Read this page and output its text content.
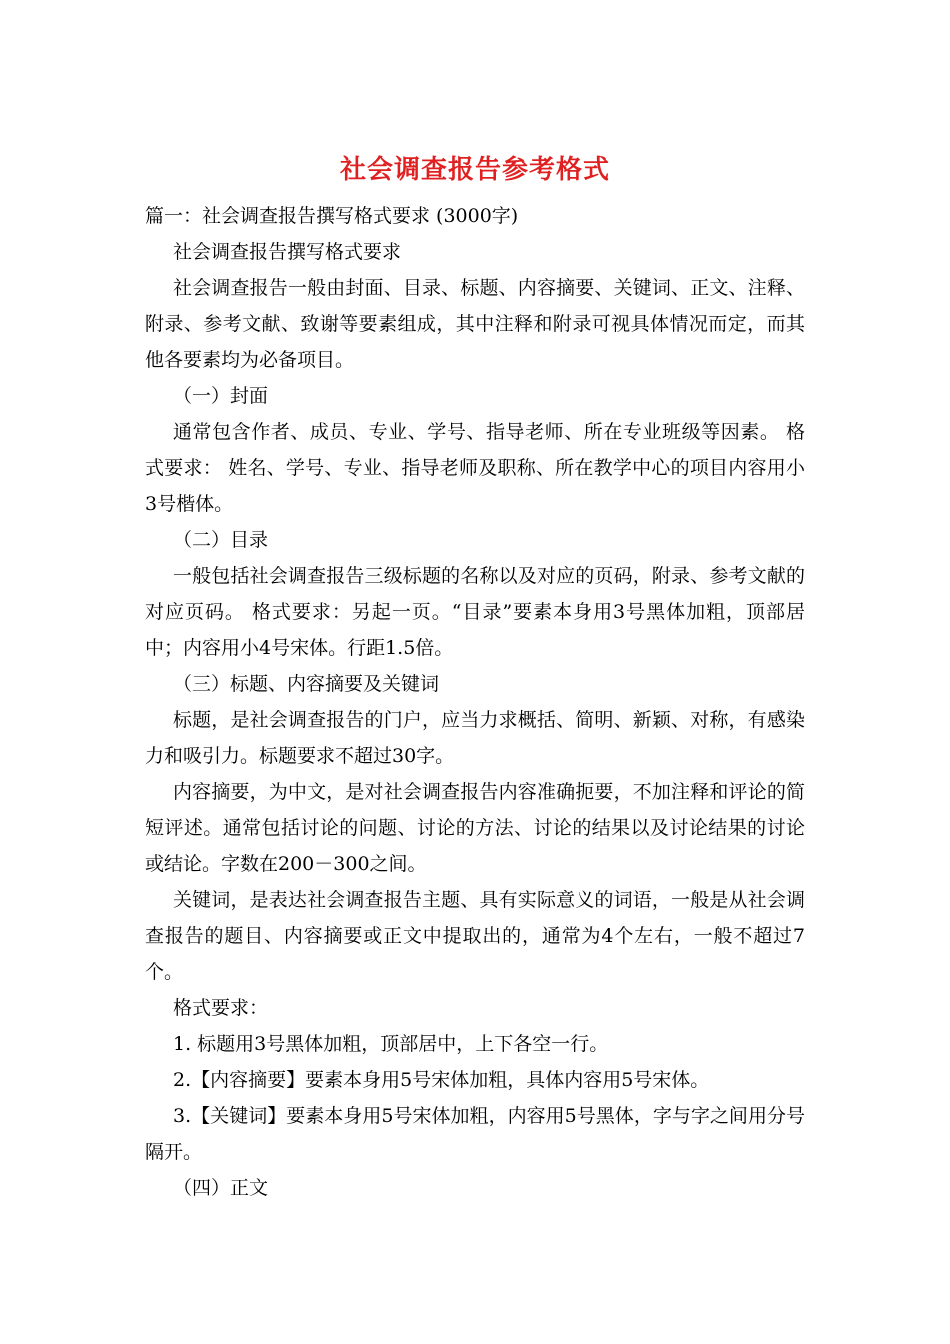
社会调查报告参考格式

篇一：社会调查报告撰写格式要求 (3000字)

社会调查报告撰写格式要求

社会调查报告一般由封面、目录、标题、内容摘要、关键词、正文、注释、附录、参考文献、致谢等要素组成，其中注释和附录可视具体情况而定，而其他各要素均为必备项目。

（一）封面

通常包含作者、成员、专业、学号、指导老师、所在专业班级等因素。 格式要求： 姓名、学号、专业、指导老师及职称、所在教学中心的项目内容用小3号楷体。

（二）目录

一般包括社会调查报告三级标题的名称以及对应的页码，附录、参考文献的对应页码。 格式要求：另起一页。“目录”要素本身用3号黑体加粗，顶部居中；内容用小4号宋体。行距1.5倍。

（三）标题、内容摘要及关键词

标题，是社会调查报告的门户，应当力求概括、简明、新颖、对称，有感染力和吸引力。标题要求不超过30字。

内容摘要，为中文，是对社会调查报告内容准确扼要，不加注释和评论的简短评述。通常包括讨论的问题、讨论的方法、讨论的结果以及讨论结果的讨论或结论。字数在200－300之间。

关键词，是表达社会调查报告主题、具有实际意义的词语，一般是从社会调查报告的题目、内容摘要或正文中提取出的，通常为4个左右，一般不超过7个。

格式要求：

1. 标题用3号黑体加粗，顶部居中，上下各空一行。

2.【内容摘要】要素本身用5号宋体加粗，具体内容用5号宋体。

3.【关键词】要素本身用5号宋体加粗，内容用5号黑体，字与字之间用分号隔开。

（四）正文
